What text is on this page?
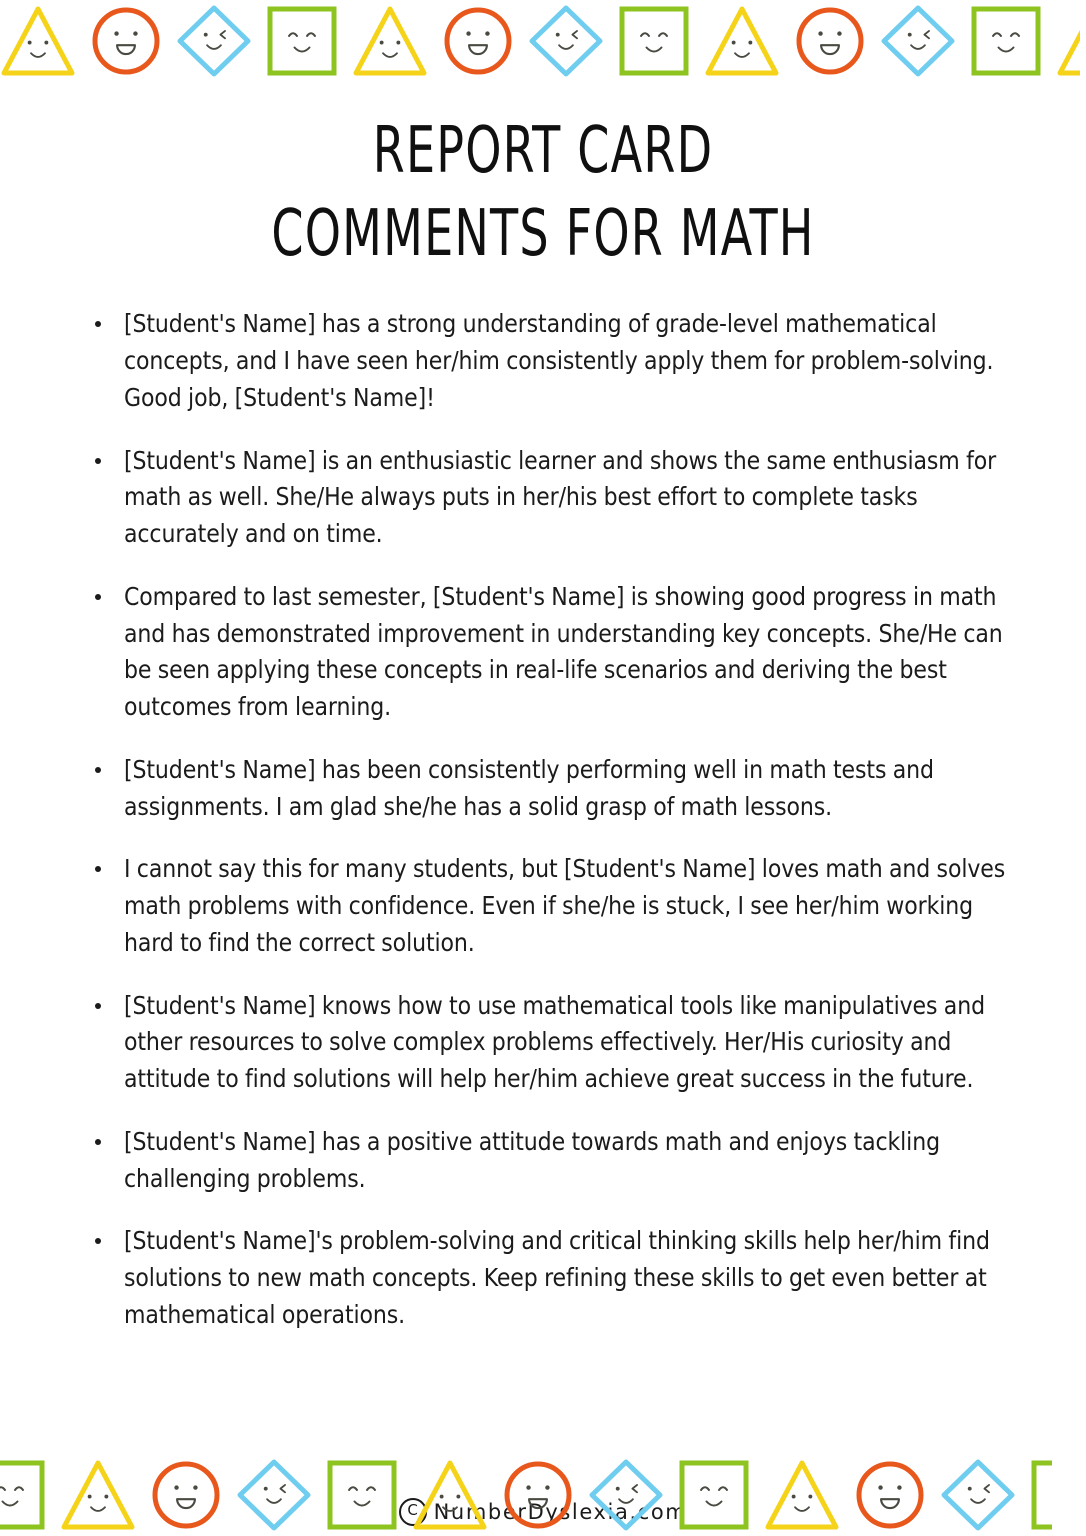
REPORT CARD
COMMENTS FOR MATH
[Student's Name] has a strong understanding of grade-level mathematical concepts, and I have seen her/him consistently apply them for problem-solving. Good job, [Student's Name]!
[Student's Name] is an enthusiastic learner and shows the same enthusiasm for math as well. She/He always puts in her/his best effort to complete tasks accurately and on time.
Compared to last semester, [Student's Name] is showing good progress in math and has demonstrated improvement in understanding key concepts. She/He can be seen applying these concepts in real-life scenarios and deriving the best outcomes from learning.
[Student's Name] has been consistently performing well in math tests and assignments. I am glad she/he has a solid grasp of math lessons.
I cannot say this for many students, but [Student's Name] loves math and solves math problems with confidence. Even if she/he is stuck, I see her/him working hard to find the correct solution.
[Student's Name] knows how to use mathematical tools like manipulatives and other resources to solve complex problems effectively. Her/His curiosity and attitude to find solutions will help her/him achieve great success in the future.
[Student's Name] has a positive attitude towards math and enjoys tackling challenging problems.
[Student's Name]'s problem-solving and critical thinking skills help her/him find solutions to new math concepts. Keep refining these skills to get even better at mathematical operations.
C NumberDyslexia.com
